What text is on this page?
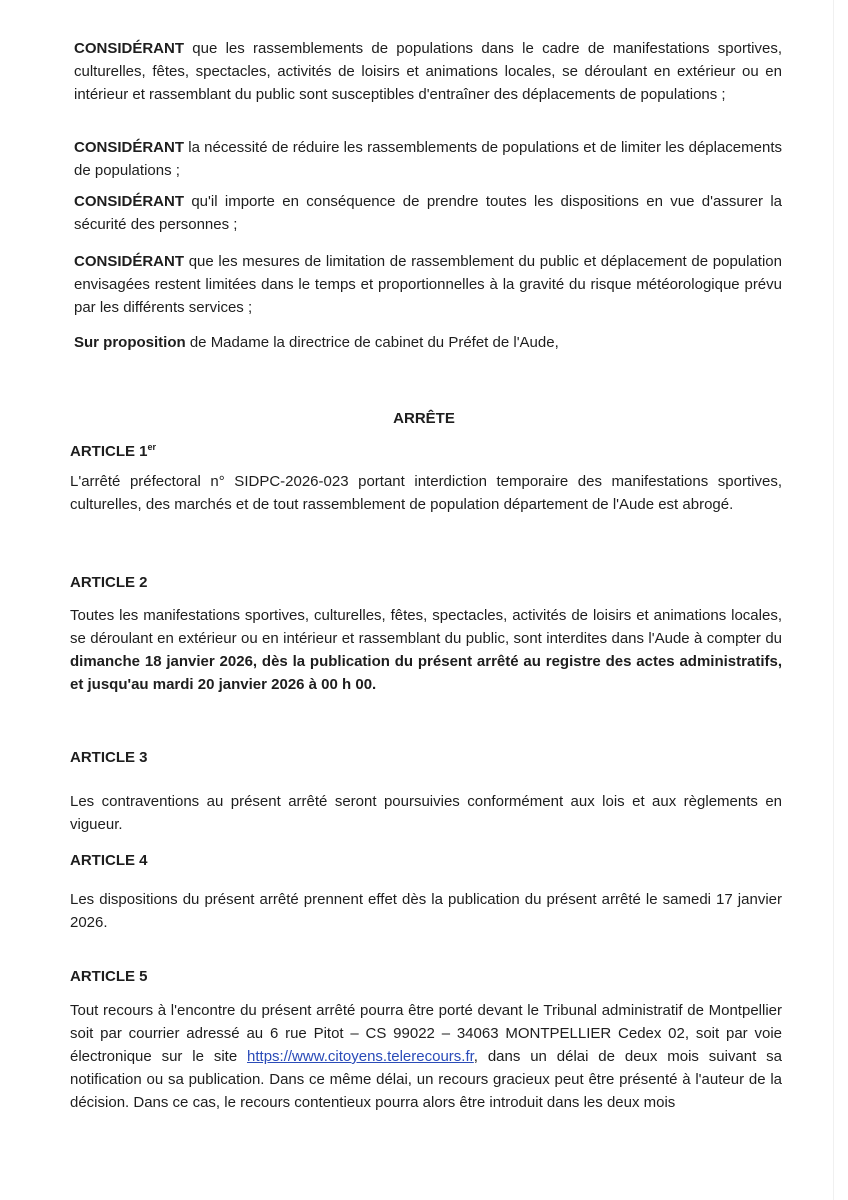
CONSIDÉRANT que les rassemblements de populations dans le cadre de manifestations sportives, culturelles, fêtes, spectacles, activités de loisirs et animations locales, se déroulant en extérieur ou en intérieur et rassemblant du public sont susceptibles d'entraîner des déplacements de populations ;
CONSIDÉRANT la nécessité de réduire les rassemblements de populations et de limiter les déplacements de populations ;
CONSIDÉRANT qu'il importe en conséquence de prendre toutes les dispositions en vue d'assurer la sécurité des personnes ;
CONSIDÉRANT que les mesures de limitation de rassemblement du public et déplacement de population envisagées restent limitées dans le temps et proportionnelles à la gravité du risque météorologique prévu par les différents services ;
Sur proposition de Madame la directrice de cabinet du Préfet de l'Aude,
ARRÊTE
ARTICLE 1er
L'arrêté préfectoral n° SIDPC-2026-023 portant interdiction temporaire des manifestations sportives, culturelles, des marchés et de tout rassemblement de population département de l'Aude est abrogé.
ARTICLE 2
Toutes les manifestations sportives, culturelles, fêtes, spectacles, activités de loisirs et animations locales, se déroulant en extérieur ou en intérieur et rassemblant du public, sont interdites dans l'Aude à compter du dimanche 18 janvier 2026, dès la publication du présent arrêté au registre des actes administratifs, et jusqu'au mardi 20 janvier 2026 à 00 h 00.
ARTICLE 3
Les contraventions au présent arrêté seront poursuivies conformément aux lois et aux règlements en vigueur.
ARTICLE 4
Les dispositions du présent arrêté prennent effet dès la publication du présent arrêté le samedi 17 janvier 2026.
ARTICLE 5
Tout recours à l'encontre du présent arrêté pourra être porté devant le Tribunal administratif de Montpellier soit par courrier adressé au 6 rue Pitot – CS 99022 – 34063 MONTPELLIER Cedex 02, soit par voie électronique sur le site https://www.citoyens.telerecours.fr, dans un délai de deux mois suivant sa notification ou sa publication. Dans ce même délai, un recours gracieux peut être présenté à l'auteur de la décision. Dans ce cas, le recours contentieux pourra alors être introduit dans les deux mois
